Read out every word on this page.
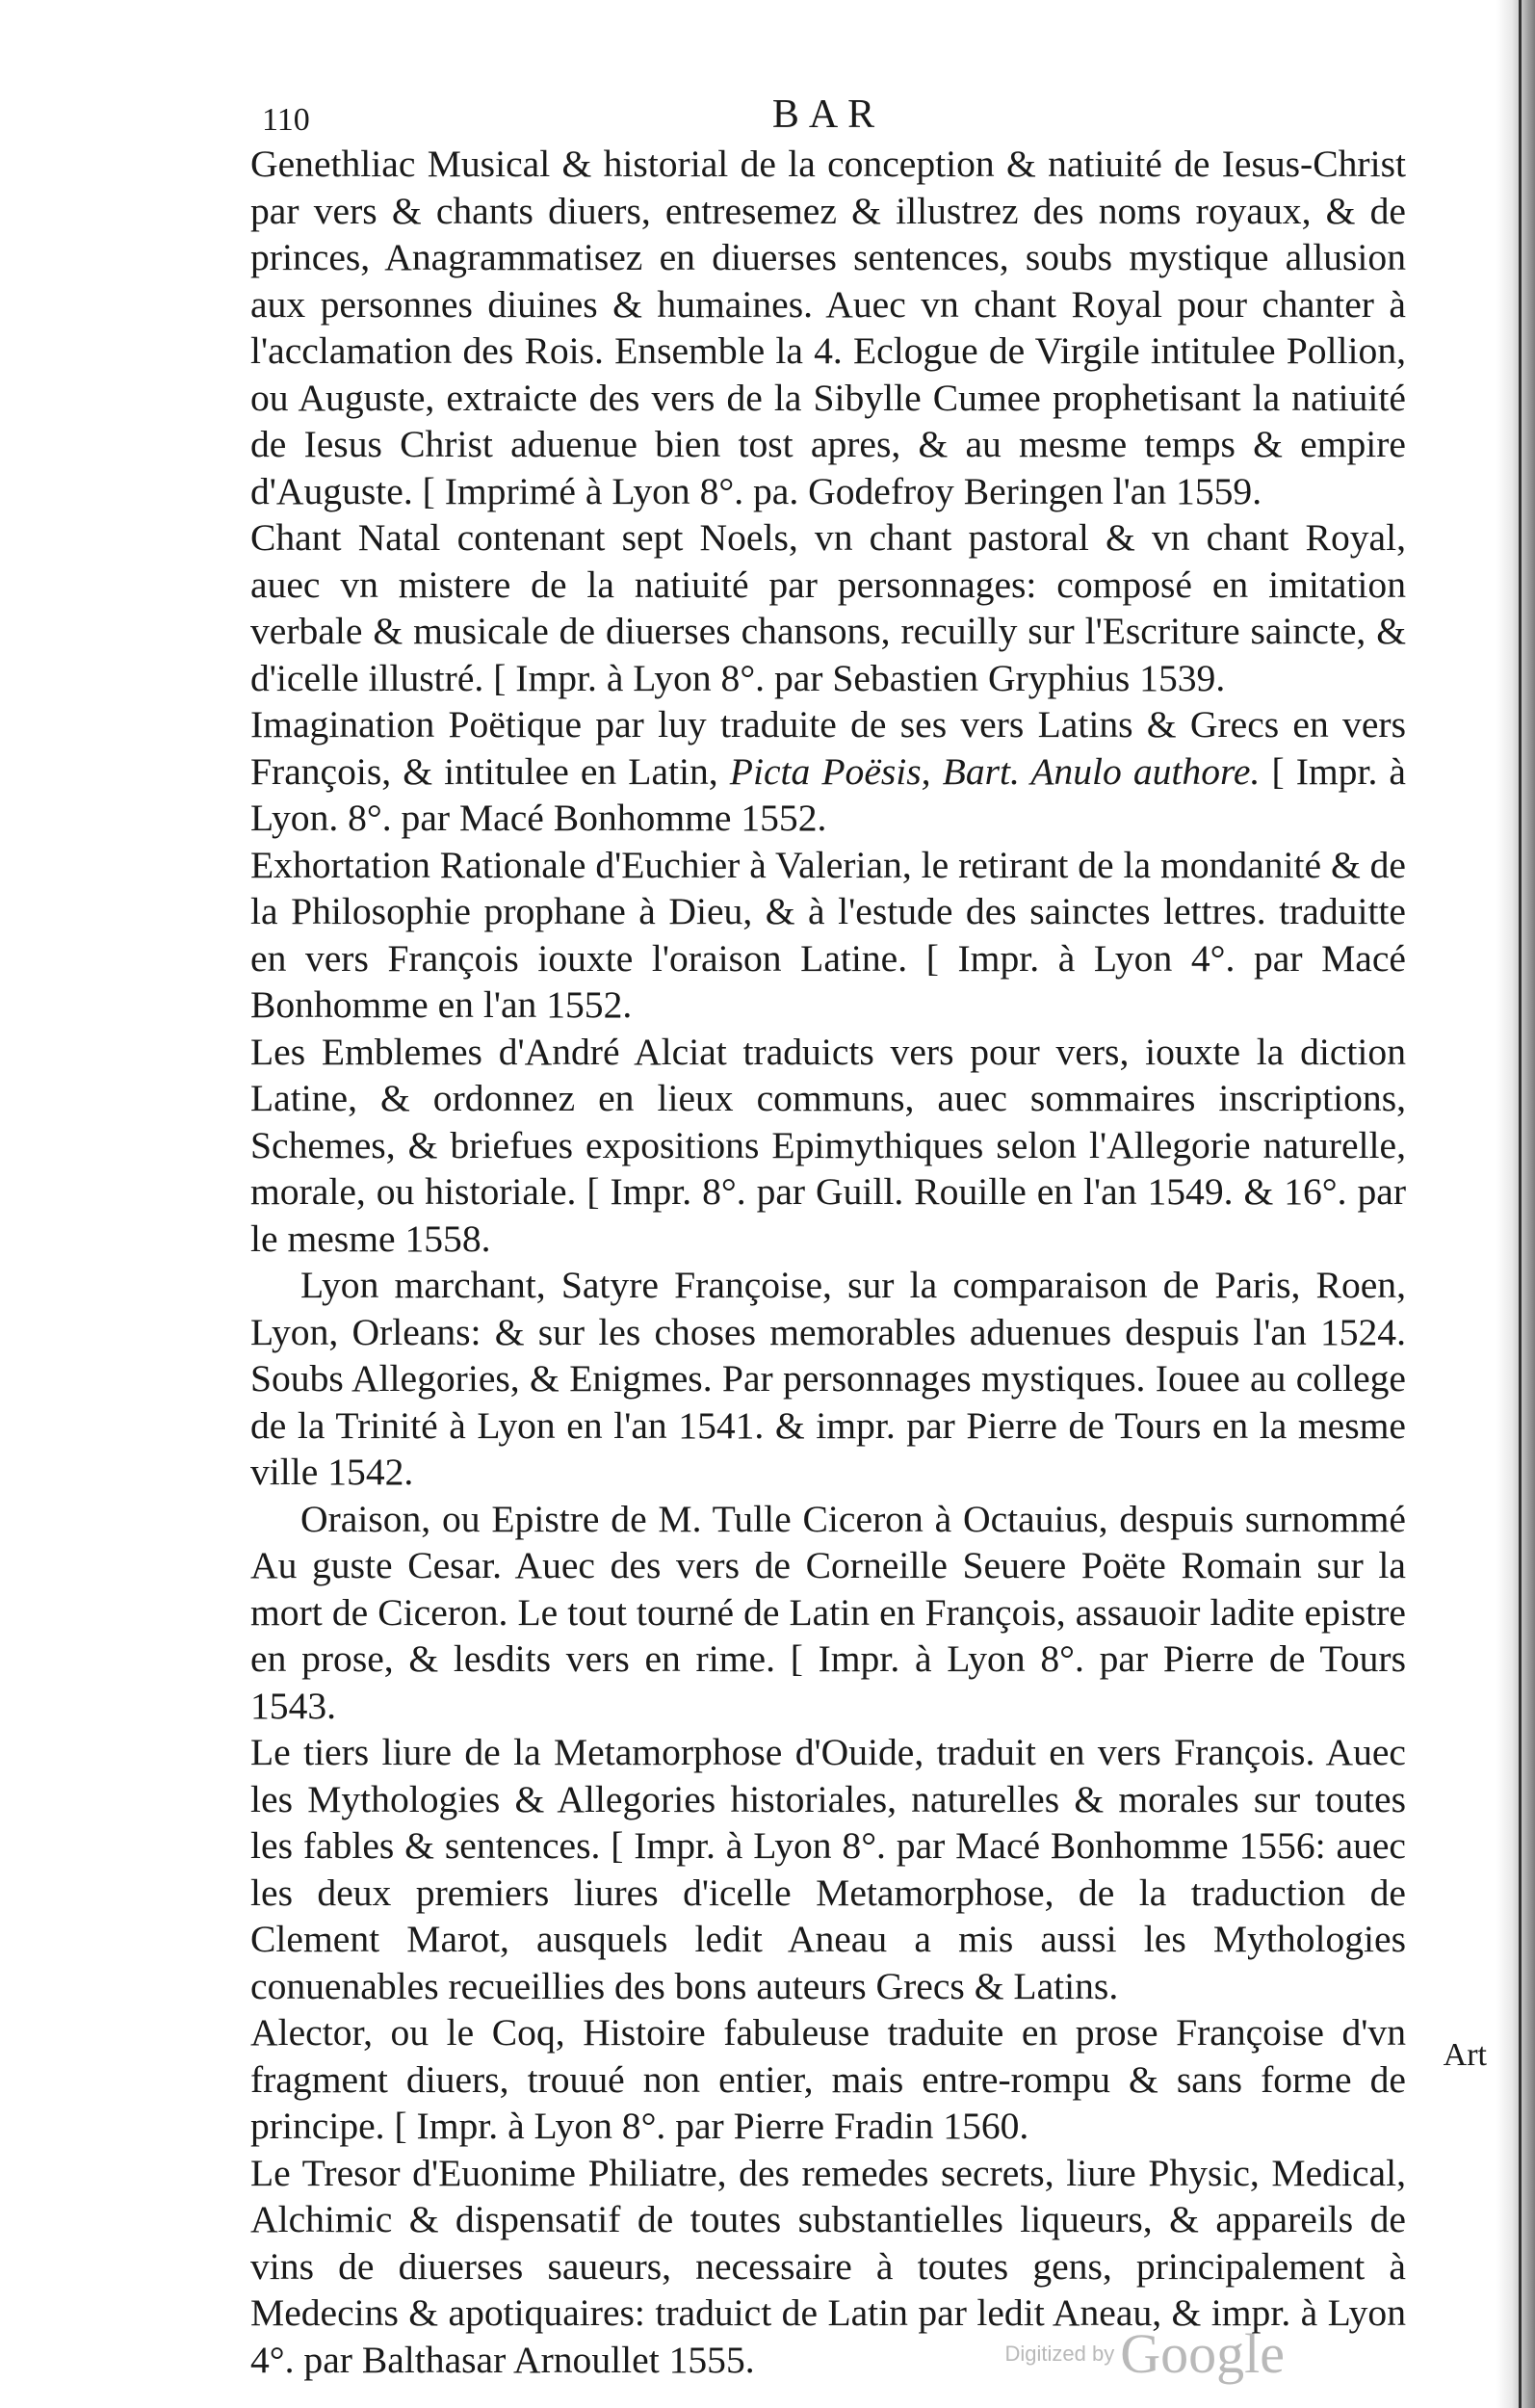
110	BAR

Genethliac Musical & historial de la conception & natiuité de Iesus-Christ par vers & chants diuers, entresemez & illustrez des noms royaux, & de princes, Anagrammatisez en diuerses sentences, soubs mystique allusion aux personnes diuines & humaines. Auec vn chant Royal pour chanter à l'acclamation des Rois. Ensemble la 4. Eclogue de Virgile intitulee Pollion, ou Auguste, extraicte des vers de la Sibylle Cumee prophetisant la natiuité de Iesus Christ aduenue bien tost apres, & au mesme temps & empire d'Auguste. [ Imprimé à Lyon 8°. pa. Godefroy Beringen l'an 1559.

Chant Natal contenant sept Noels, vn chant pastoral & vn chant Royal, auec vn mistere de la natiuité par personnages: composé en imitation verbale & musicale de diuerses chansons, recuilly sur l'Escriture saincte, & d'icelle illustré. [ Impr. à Lyon 8°. par Sebastien Gryphius 1539.

Imagination Poëtique par luy traduite de ses vers Latins & Grecs en vers François, & intitulee en Latin, Picta Poësis, Bart. Anulo authore. [ Impr. à Lyon. 8°. par Macé Bonhomme 1552.

Exhortation Rationale d'Euchier à Valerian, le retirant de la mondanité & de la Philosophie prophane à Dieu, & à l'estude des sainctes lettres. traduitte en vers François iouxte l'oraison Latine. [ Impr. à Lyon 4°. par Macé Bonhomme en l'an 1552.

Les Emblemes d'André Alciat traduicts vers pour vers, iouxte la diction Latine, & ordonnez en lieux communs, auec sommaires inscriptions, Schemes, & briefues expositions Epimythiques selon l'Allegorie naturelle, morale, ou historiale. [ Impr. 8°. par Guill. Rouille en l'an 1549. & 16°. par le mesme 1558.

Lyon marchant, Satyre Françoise, sur la comparaison de Paris, Roen, Lyon, Orleans: & sur les choses memorables aduenues despuis l'an 1524. Soubs Allegories, & Enigmes. Par personnages mystiques. Iouee au college de la Trinité à Lyon en l'an 1541. & impr. par Pierre de Tours en la mesme ville 1542.

Oraison, ou Epistre de M. Tulle Ciceron à Octauius, despuis surnommé Au guste Cesar. Auec des vers de Corneille Seuere Poëte Romain sur la mort de Ciceron. Le tout tourné de Latin en François, assauoir ladite epistre en prose, & lesdits vers en rime. [ Impr. à Lyon 8°. par Pierre de Tours 1543.

Le tiers liure de la Metamorphose d'Ouide, traduit en vers François. Auec les Mythologies & Allegories historiales, naturelles & morales sur toutes les fables & sentences. [ Impr. à Lyon 8°. par Macé Bonhomme 1556: auec les deux premiers liures d'icelle Metamorphose, de la traduction de Clement Marot, ausquels ledit Aneau a mis aussi les Mythologies conuenables recueillies des bons auteurs Grecs & Latins.

Alector, ou le Coq, Histoire fabuleuse traduite en prose Françoise d'vn fragment diuers, trouué non entier, mais entre-rompu & sans forme de principe. [ Impr. à Lyon 8°. par Pierre Fradin 1560.

Le Tresor d'Euonime Philiatre, des remedes secrets, liure Physic, Medical, Alchimic & dispensatif de toutes substantielles liqueurs, & appareils de vins de diuerses saueurs, necessaire à toutes gens, principalement à Medecins & apotiquaires: traduict de Latin par ledit Aneau, & impr. à Lyon 4°. par Balthasar Arnoullet 1555.

Art
Digitized by Google
